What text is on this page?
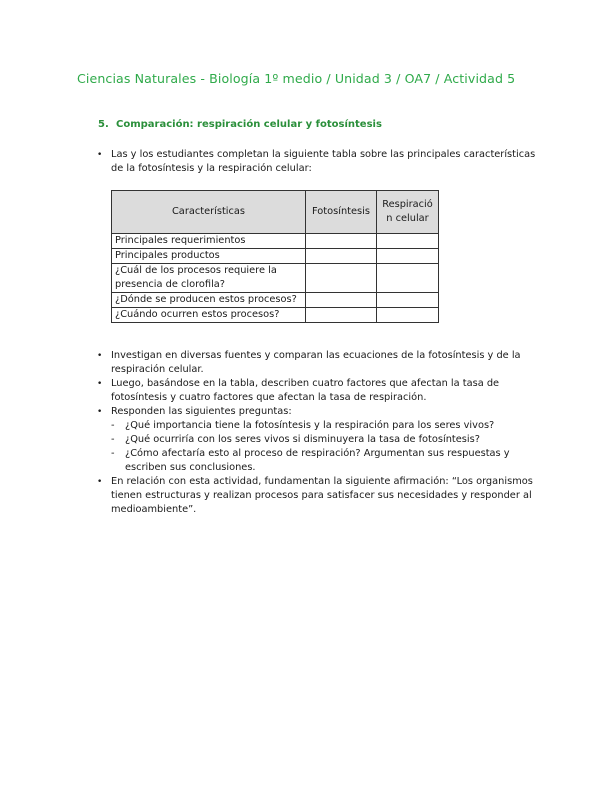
Ciencias Naturales - Biología 1º medio / Unidad 3 / OA7 / Actividad 5
5. Comparación: respiración celular y fotosíntesis
• Las y los estudiantes completan la siguiente tabla sobre las principales características de la fotosíntesis y la respiración celular:
Características	Fotosíntesis	Respiración celular
Principales requerimientos		
Principales productos		
¿Cuál de los procesos requiere la presencia de clorofila?		
¿Dónde se producen estos procesos?		
¿Cuándo ocurren estos procesos?		
• Investigan en diversas fuentes y comparan las ecuaciones de la fotosíntesis y de la respiración celular.
• Luego, basándose en la tabla, describen cuatro factores que afectan la tasa de fotosíntesis y cuatro factores que afectan la tasa de respiración.
• Responden las siguientes preguntas:
- ¿Qué importancia tiene la fotosíntesis y la respiración para los seres vivos?
- ¿Qué ocurriría con los seres vivos si disminuyera la tasa de fotosíntesis?
- ¿Cómo afectaría esto al proceso de respiración? Argumentan sus respuestas y escriben sus conclusiones.
• En relación con esta actividad, fundamentan la siguiente afirmación: “Los organismos tienen estructuras y realizan procesos para satisfacer sus necesidades y responder al medioambiente”.
